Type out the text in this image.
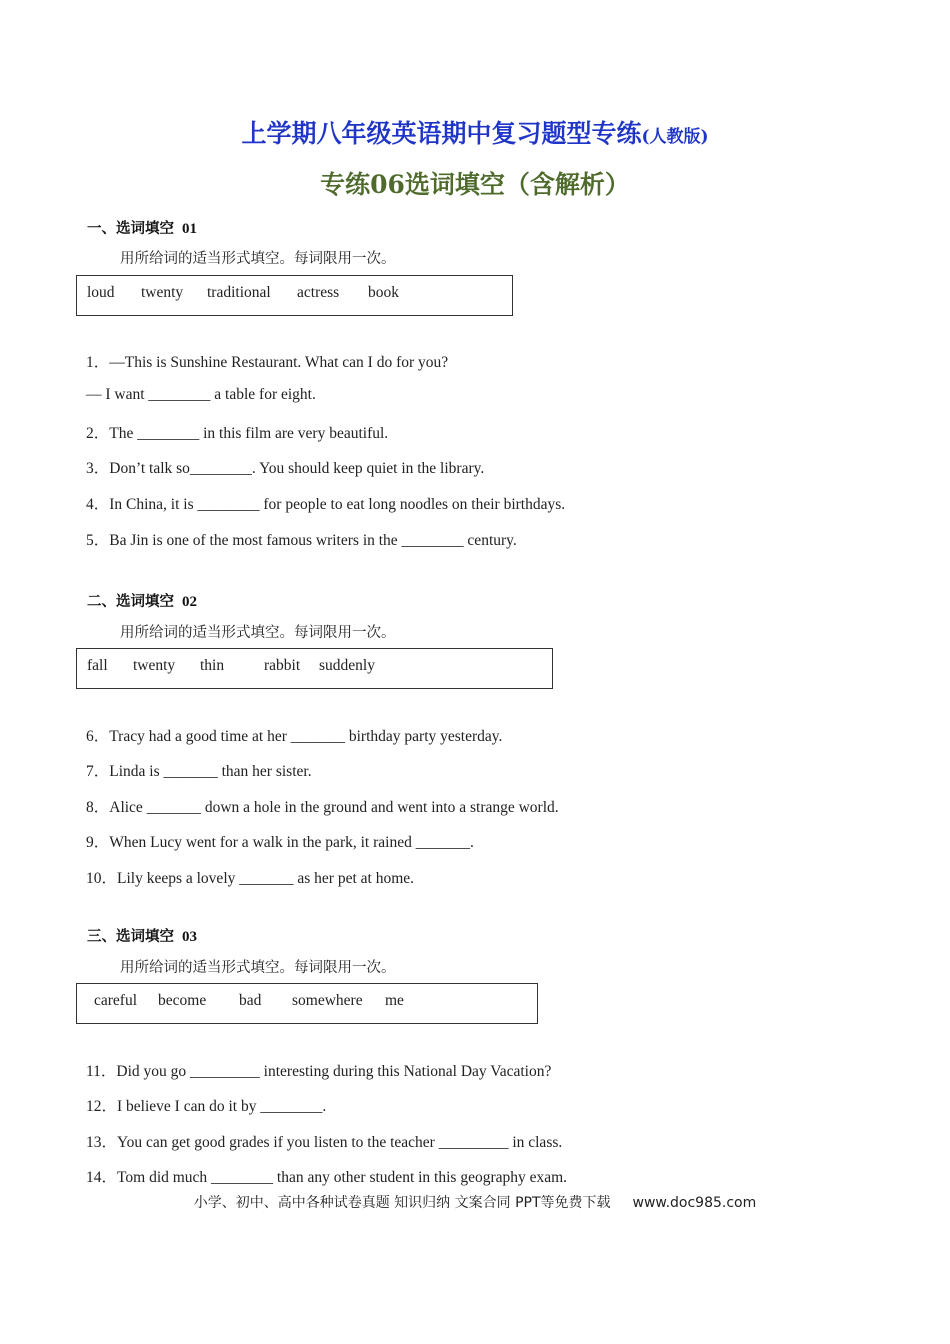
上学期八年级英语期中复习题型专练(人教版)
专练06选词填空（含解析）
一、选词填空 01
用所给词的适当形式填空。每词限用一次。
loud twenty traditional actress book
1．—This is Sunshine Restaurant. What can I do for you?
— I want ________ a table for eight.
2．The ________ in this film are very beautiful.
3．Don’t talk so________. You should keep quiet in the library.
4．In China, it is ________ for people to eat long noodles on their birthdays.
5．Ba Jin is one of the most famous writers in the ________ century.
二、选词填空 02
用所给词的适当形式填空。每词限用一次。
fall twenty thin	rabbit suddenly
6．Tracy had a good time at her _______ birthday party yesterday.
7．Linda is _______ than her sister.
8．Alice _______ down a hole in the ground and went into a strange world.
9．When Lucy went for a walk in the park, it rained _______.
10．Lily keeps a lovely _______ as her pet at home.
三、选词填空 03
用所给词的适当形式填空。每词限用一次。
careful become bad somewhere me
11．Did you go _________ interesting during this National Day Vacation?
12．I believe I can do it by ________.
13．You can get good grades if you listen to the teacher _________ in class.
14．Tom did much ________ than any other student in this geography exam.
小学、初中、高中各种试卷真题 知识归纳 文案合同 PPT等免费下载 www.doc985.com
